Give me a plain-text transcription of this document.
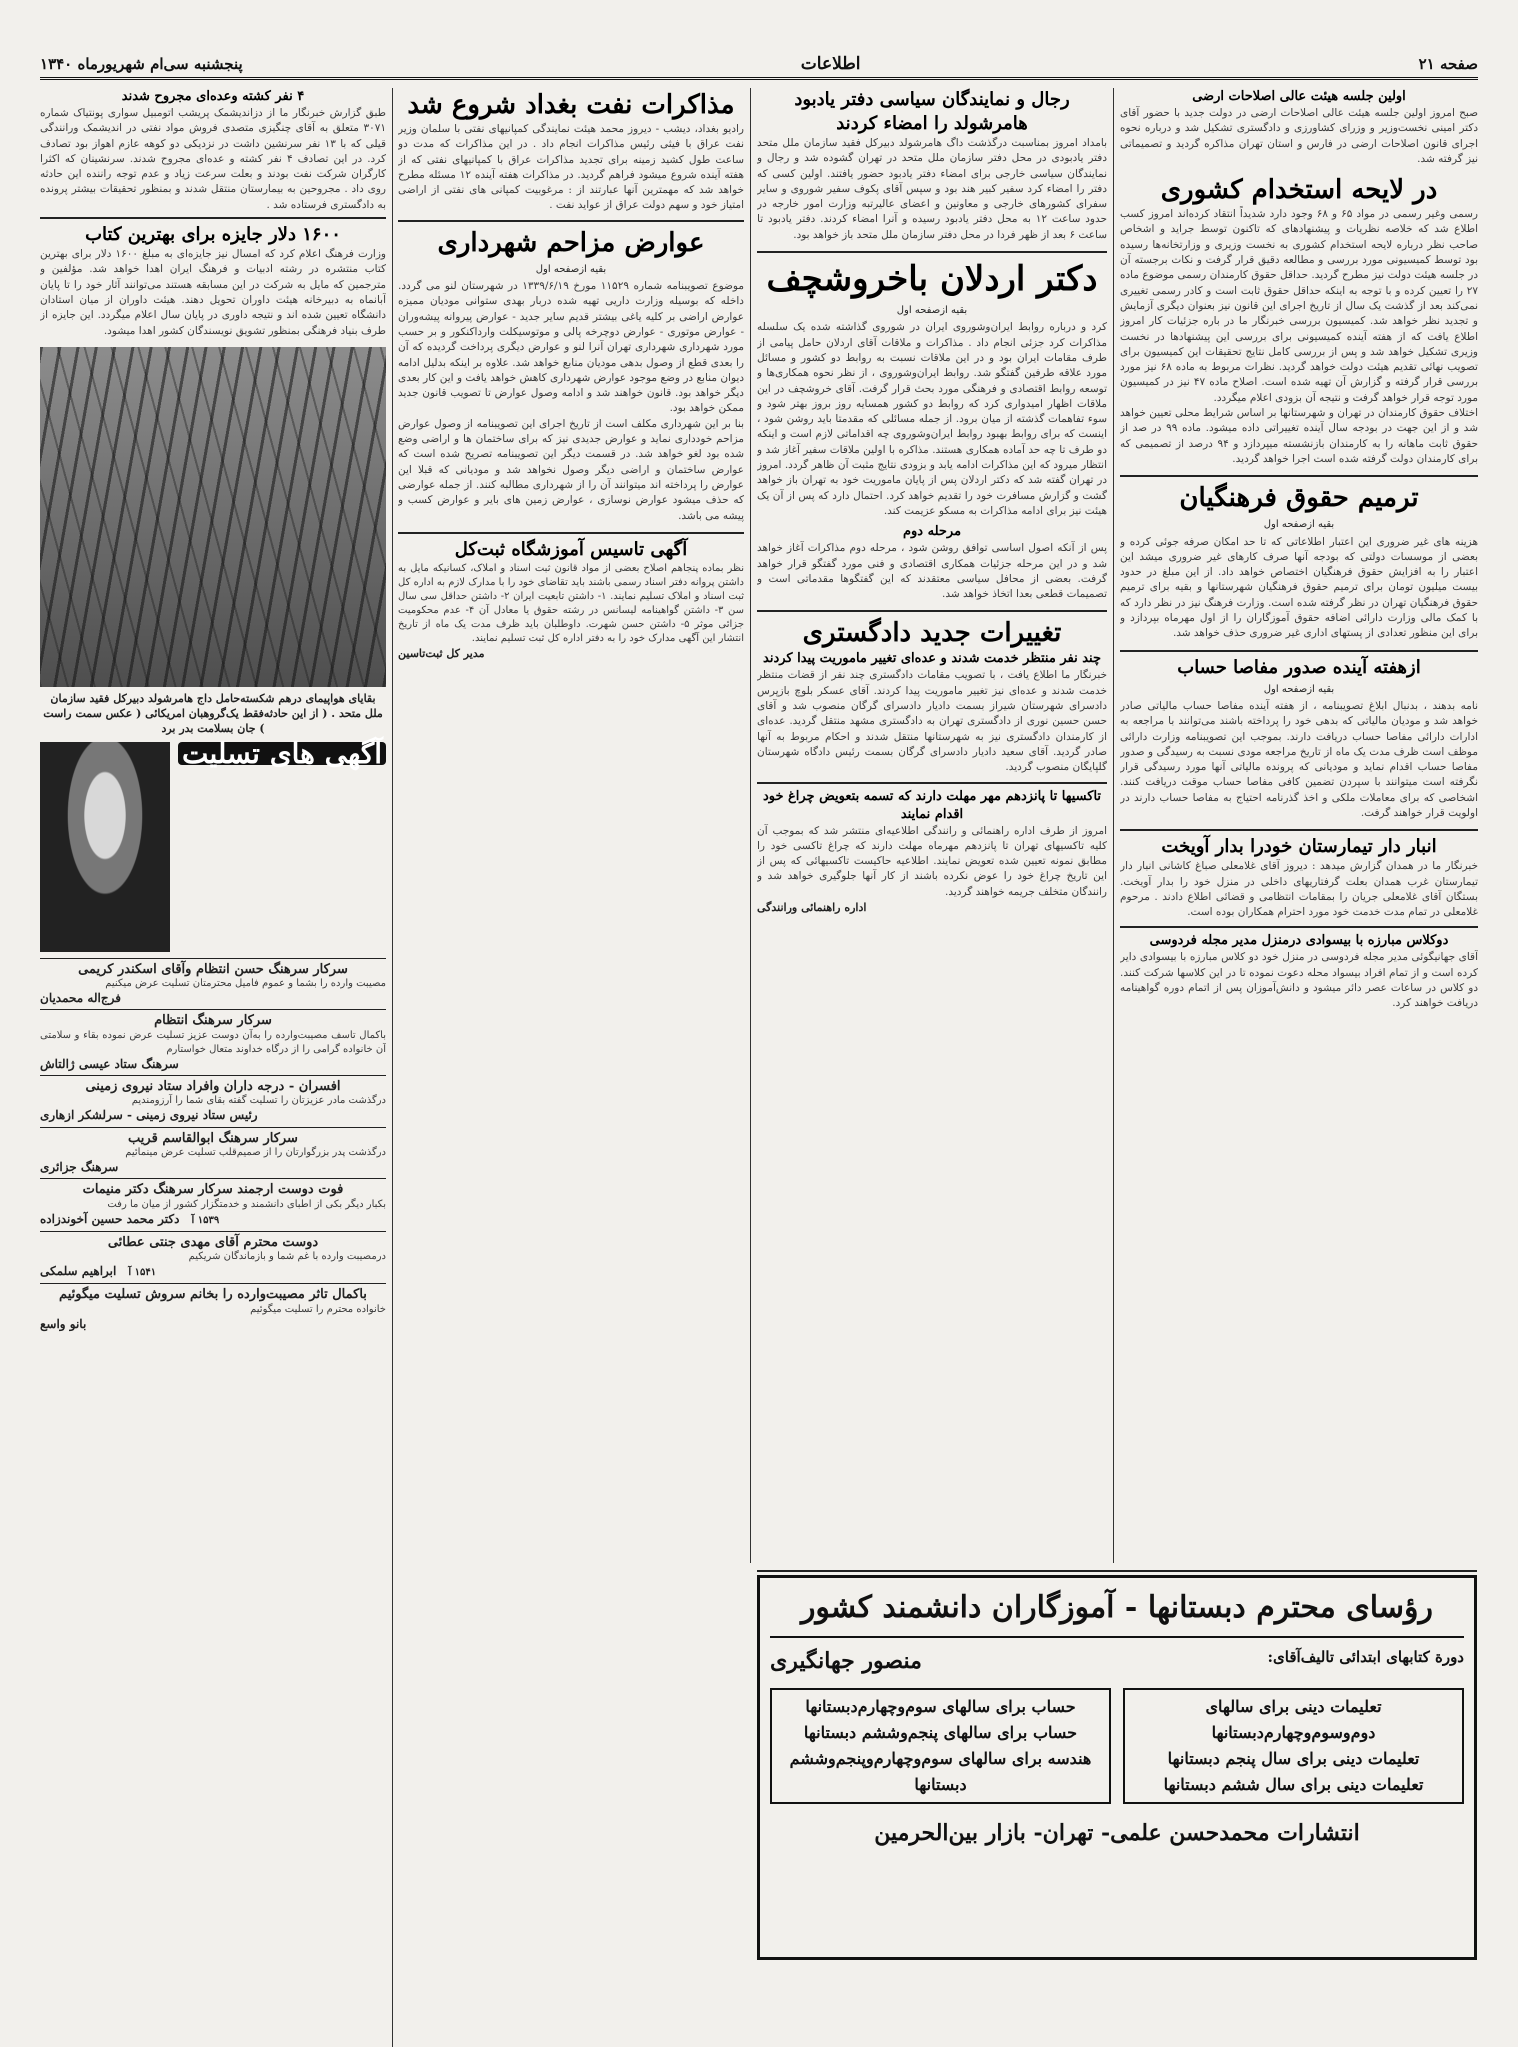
صفحه ۲۱
اطلاعات
پنجشنبه سی‌ام شهریورماه ۱۳۴۰
اولین جلسه هیئت عالی اصلاحات ارضی

صبح امروز اولین جلسه هیئت عالی اصلاحات ارضی در دولت جدید با حضور آقای دکتر امینی نخست‌وزیر و وزرای کشاورزی و دادگستری تشکیل شد و درباره نحوه اجرای قانون اصلاحات ارضی در فارس و استان تهران مذاکره گردید و تصمیماتی نیز گرفته شد.

در لایحه استخدام کشوری

رسمی وغیر رسمی در مواد ۶۵ و ۶۸ وجود دارد شدیداً انتقاد کرده‌اند امروز کسب اطلاع شد که خلاصه نظریات و پیشنهادهای که تاکنون توسط جراید و اشخاص صاحب نظر درباره لایحه استخدام کشوری به نخست وزیری و وزارتخانه‌ها رسیده بود توسط کمیسیونی مورد بررسی و مطالعه دقیق قرار گرفت و نکات برجسته آن در جلسه هیئت دولت نیز مطرح گردید. حداقل حقوق کارمندان رسمی موضوع ماده ۲۷ را تعیین کرده و با توجه به اینکه حداقل حقوق ثابت است و کادر رسمی تغییری نمی‌کند بعد از گذشت یک سال از تاریخ اجرای این قانون نیز بعنوان دیگری آزمایش و تجدید نظر خواهد شد. کمیسیون بررسی خبرنگار ما در باره جزئیات کار امروز اطلاع یافت که از هفته آینده کمیسیونی برای بررسی این پیشنهادها در نخست وزیری تشکیل خواهد شد و پس از بررسی کامل نتایج تحقیقات این کمیسیون برای تصویب نهائی تقدیم هیئت دولت خواهد گردید. نظرات مربوط به ماده ۶۸ نیز مورد بررسی قرار گرفته و گزارش آن تهیه شده است. اصلاح ماده ۴۷ نیز در کمیسیون مورد توجه قرار خواهد گرفت و نتیجه آن بزودی اعلام میگردد.

اختلاف حقوق کارمندان در تهران و شهرستانها بر اساس شرایط محلی تعیین خواهد شد و از این جهت در بودجه سال آینده تغییراتی داده میشود. ماده ۹۹ در صد از حقوق ثابت ماهانه را به کارمندان بازنشسته میپردازد و ۹۴ درصد از تصمیمی که برای کارمندان دولت گرفته شده است اجرا خواهد گردید.

ترمیم حقوق فرهنگیان
بقیه ازصفحه اول

هزینه های غیر ضروری این اعتبار اطلاعاتی که تا حد امکان صرفه جوئی کرده و بعضی از موسسات دولتی که بودجه آنها صرف کارهای غیر ضروری میشد این اعتبار را به افزایش حقوق فرهنگیان اختصاص خواهد داد. از این مبلغ در حدود بیست میلیون تومان برای ترمیم حقوق فرهنگیان شهرستانها و بقیه برای ترمیم حقوق فرهنگیان تهران در نظر گرفته شده است. وزارت فرهنگ نیز در نظر دارد که با کمک مالی وزارت دارائی اضافه حقوق آموزگاران را از اول مهرماه بپردازد و برای این منظور تعدادی از پستهای اداری غیر ضروری حذف خواهد شد.

ازهفته آینده صدور مفاصا حساب
بقیه ازصفحه اول

نامه بدهند ، بدنبال ابلاغ تصویبنامه ، از هفته آینده مفاصا حساب مالیاتی صادر خواهد شد و مودیان مالیاتی که بدهی خود را پرداخته باشند می‌توانند با مراجعه به ادارات دارائی مفاصا حساب دریافت دارند. بموجب این تصویبنامه وزارت دارائی موظف است ظرف مدت یک ماه از تاریخ مراجعه مودی نسبت به رسیدگی و صدور مفاصا حساب اقدام نماید و مودیانی که پرونده مالیاتی آنها مورد رسیدگی قرار نگرفته است میتوانند با سپردن تضمین کافی مفاصا حساب موقت دریافت کنند. اشخاصی که برای معاملات ملکی و اخذ گذرنامه احتیاج به مفاصا حساب دارند در اولویت قرار خواهند گرفت.

انبار دار تیمارستان خودرا بدار آویخت

خبرنگار ما در همدان گزارش میدهد : دیروز آقای غلامعلی‌ صباغ کاشانی انبار دار تیمارستان غرب همدان بعلت گرفتاریهای داخلی در منزل خود را بدار آویخت. بستگان آقای غلامعلی جریان را بمقامات انتظامی و قضائی اطلاع دادند . مرحوم غلامعلی در تمام مدت خدمت خود مورد احترام همکاران بوده است.

دوکلاس مبارزه با بیسوادی درمنزل مدیر مجله فردوسی

آقای جهانیگوئی مدیر مجله فردوسی در منزل خود دو کلاس مبارزه با بیسوادی دایر کرده است و از تمام افراد بیسواد محله دعوت نموده تا در این کلاسها شرکت کنند. دو کلاس در ساعات عصر دائر میشود و دانش‌آموزان پس از اتمام دوره گواهینامه دریافت خواهند کرد.

رجال و نمایندگان سیاسی دفتر یادبود هامرشولد را امضاء کردند

بامداد امروز بمناسبت درگذشت داگ هامرشولد دبیرکل فقید سازمان ملل متحد دفتر یادبودی در محل دفتر سازمان ملل متحد در تهران گشوده شد و رجال و نمایندگان سیاسی خارجی برای امضاء دفتر یادبود حضور یافتند. اولین کسی که دفتر را امضاء کرد سفیر کبیر هند بود و سپس آقای پکوف سفیر شوروی و سایر سفرای کشورهای خارجی و معاونین و اعضای عالیرتبه وزارت امور خارجه در حدود ساعت ۱۲ به محل دفتر یادبود رسیده و آنرا امضاء کردند. دفتر یادبود تا ساعت ۶ بعد از ظهر فردا در محل دفتر سازمان ملل متحد باز خواهد بود.

دکتر اردلان باخروشچف
بقیه ازصفحه اول

کرد و درباره روابط ایران‌وشوروی ایران در شوروی گذاشته شده یک سلسله مذاکرات کرد جزئی انجام داد . مذاکرات و ملاقات آقای اردلان حامل پیامی از طرف مقامات ایران بود و در این ملاقات نسبت به روابط دو کشور و مسائل مورد علاقه طرفین گفتگو شد. روابط ایران‌وشوروی ، از نظر نحوه همکاری‌ها و توسعه روابط اقتصادی و فرهنگی مورد بحث قرار گرفت. آقای خروشچف در این ملاقات اظهار امیدواری کرد که روابط دو کشور همسایه روز بروز بهتر شود و سوء تفاهمات گذشته از میان برود. از جمله مسائلی که مقدمتا باید روشن شود ، اینست که برای روابط بهبود روابط ایران‌وشوروی چه اقداماتی لازم است و اینکه دو طرف تا چه حد آماده همکاری هستند. مذاکره با اولین ملاقات سفیر آغاز شد و انتظار میرود که این مذاکرات ادامه یابد و بزودی نتایج مثبت آن ظاهر گردد. امروز در تهران گفته شد که دکتر اردلان پس از پایان ماموریت خود به تهران باز خواهد گشت و گزارش مسافرت خود را تقدیم خواهد کرد. احتمال دارد که پس از آن یک هیئت نیز برای ادامه مذاکرات به مسکو عزیمت کند.

مرحله دوم

پس از آنکه اصول اساسی توافق روشن شود ، مرحله دوم مذاکرات آغاز خواهد شد و در این مرحله جزئیات همکاری اقتصادی و فنی مورد گفتگو قرار خواهد گرفت. بعضی از محافل سیاسی معتقدند که این گفتگوها مقدماتی است و تصمیمات قطعی بعدا اتخاذ خواهد شد.

تغییرات جدید دادگستری
چند نفر منتظر خدمت شدند و عده‌ای تغییر ماموریت پیدا کردند

خبرنگار ما اطلاع یافت ، با تصویب مقامات دادگستری چند نفر از قضات منتظر خدمت شدند و عده‌ای نیز تغییر ماموریت پیدا کردند. آقای عسکر بلوچ بازپرس دادسرای شهرستان شیراز بسمت دادیار دادسرای گرگان منصوب شد و آقای حسن حسین نوری از دادگستری تهران به دادگستری مشهد منتقل گردید. عده‌ای از کارمندان دادگستری نیز به شهرستانها منتقل شدند و احکام مربوط به آنها صادر گردید. آقای سعید دادیار دادسرای گرگان بسمت رئیس دادگاه شهرستان گلپایگان منصوب گردید.

تاکسیها تا پانزدهم مهر مهلت دارند که تسمه بتعویض چراغ خود اقدام نمایند

امروز از طرف اداره راهنمائی و رانندگی اطلاعیه‌ای منتشر شد که بموجب آن کلیه تاکسیهای تهران تا پانزدهم مهرماه مهلت دارند که چراغ تاکسی خود را مطابق نمونه تعیین شده تعویض نمایند. اطلاعیه حاکیست تاکسیهائی که پس از این تاریخ چراغ خود را عوض نکرده باشند از کار آنها جلوگیری خواهد شد و رانندگان متخلف جریمه خواهند گردید.

اداره راهنمائی ورانندگی
مذاکرات نفت بغداد شروع شد

رادیو بغداد، دیشب - دیروز محمد هیئت نمایندگی کمپانیهای نفتی با سلمان وزیر نفت عراق با فیثی رئیس مذاکرات انجام داد . در این مذاکرات که مدت دو ساعت طول کشید زمینه برای تجدید مذاکرات عراق با کمپانیهای نفتی که از هفته آینده شروع میشود فراهم گردید. در مذاکرات هفته آینده ۱۲ مسئله مطرح خواهد شد که مهمترین آنها عبارتند از : مرغوبیت کمپانی های نفتی از اراضی امتیاز خود و سهم دولت عراق از عواید نفت .

عوارض مزاحم شهرداری
بقیه ازصفحه اول

موضوع تصویبنامه شماره ۱۱۵۲۹ مورخ ۱۳۳۹/۶/۱۹ در شهرستان لنو می گردد. داخله که بوسیله وزارت داریی تهیه شده دربار بهدی ستوانی مودیان ممیزه عوارض اراضی بر کلیه یاغی بیشتر قدیم سایر جدید - عوارض پیروانه پیشه‌وران - عوارض موتوری - عوارض دوچرخه پالی و موتوسیکلت وارداکنکور و بر حسب مورد شهرداری شهرداری تهران آنرا لنو و عوارض دیگری پرداخت گردیده که آن را بعدی قطع از وصول بدهی مودیان منابع خواهد شد. علاوه بر اینکه بدلیل ادامه دیوان منابع در وضع موجود عوارض شهرداری کاهش خواهد یافت و این کار بعدی دیگر خواهد بود. قانون خواهند شد و ادامه وصول عوارض تا تصویب قانون جدید ممکن خواهد بود.

بنا بر این شهرداری مکلف است از تاریخ اجرای این تصویبنامه از وصول عوارض مزاحم خودداری نماید و عوارض جدیدی نیز که برای ساختمان ها و اراضی وضع شده بود لغو خواهد شد. در قسمت دیگر این تصویبنامه تصریح شده است که عوارض ساختمان و اراضی دیگر وصول نخواهد شد و مودیانی که قبلا این عوارض را پرداخته اند میتوانند آن را از شهرداری مطالبه کنند. از جمله عوارضی که حذف میشود عوارض نوسازی ، عوارض زمین های بایر و عوارض کسب و پیشه می باشد.

آگهی تاسیس آموزشگاه ثبت‌کل

نظر بماده پنجاهم اصلاح بعضی از مواد قانون ثبت اسناد و املاک، کسانیکه مایل به داشتن پروانه دفتر اسناد رسمی باشند باید تقاضای خود را با مدارک لازم به اداره کل ثبت اسناد و املاک تسلیم نمایند. ۱- داشتن تابعیت ایران ۲- داشتن حداقل سی سال سن ۳- داشتن گواهینامه لیسانس در رشته حقوق یا معادل آن ۴- عدم محکومیت جزائی موثر ۵- داشتن حسن شهرت. داوطلبان باید ظرف مدت یک ماه از تاریخ انتشار این آگهی مدارک خود را به دفتر اداره کل ثبت تسلیم نمایند.

مدیر کل ثبت‌تاسین
۴ نفر کشته وعده‌ای مجروح شدند

طبق گزارش خبرنگار ما از دزاندیشمک پریشب اتومبیل سواری پونتیاک شماره ۳۰۷۱ متعلق به آقای چنگیزی متصدی فروش مواد نفتی در اندیشمک ورانندگی قیلی که با ۱۳ نفر سرنشین داشت در نزدیکی دو کوهه عازم اهواز بود تصادف کرد. در این تصادف ۴ نفر کشته و عده‌ای مجروح شدند. سرنشینان که اکثرا کارگران شرکت نفت بودند و بعلت سرعت زیاد و عدم توجه راننده این حادثه روی داد . مجروحین به بیمارستان منتقل شدند و بمنظور تحقیقات بیشتر پرونده به دادگستری فرستاده شد .

۱۶۰۰ دلار جایزه برای بهترین کتاب

وزارت فرهنگ اعلام کرد که امسال نیز جایزه‌ای به مبلغ ۱۶۰۰ دلار برای بهترین کتاب منتشره در رشته ادبیات و فرهنگ ایران اهدا خواهد شد. مؤلفین و مترجمین که مایل به شرکت در این مسابقه هستند می‌توانند آثار خود را تا پایان آبانماه به دبیرخانه هیئت داوران تحویل دهند. هیئت داوران از میان استادان دانشگاه تعیین شده اند و نتیجه داوری در پایان سال اعلام میگردد. این جایزه از طرف بنیاد فرهنگی بمنظور تشویق نویسندگان کشور اهدا میشود.

بقایای هواپیمای درهم شکسته‌حامل داج هامرشولد دبیرکل فقید سازمان ملل متحد . ( از این حادثه‌فقط یک‌گروهبان امریکائی ( عکس سمت راست ) جان بسلامت بدر برد
آگهی های تسلیت
سرکار سرهنگ حسن انتظام وآقای اسکندر کریمی
مصیبت وارده را بشما و عموم فامیل محترمتان تسلیت عرض میکنیم
فرج‌اله محمدیان
سرکار سرهنگ انتظام
باکمال تاسف مصیبت‌وارده را به‌آن دوست عزیز تسلیت عرض نموده بقاء و سلامتی آن خانواده گرامی را از درگاه خداوند متعال خواستارم
سرهنگ ستاد عیسی ژالتاش
افسران - درجه داران وافراد ستاد نیروی زمینی
درگذشت مادر عزیزتان را تسلیت گفته بقای شما را آرزومندیم
رئیس ستاد نیروی زمینی - سرلشکر ازهاری
سرکار سرهنگ ابوالقاسم قریب
درگذشت پدر بزرگوارتان را از صمیم‌قلب تسلیت عرض مینمائیم
سرهنگ جزائری
فوت دوست ارجمند سرکار سرهنگ دکتر منیمات
بکبار دیگر بکی از اطبای دانشمند و خدمتگزار کشور از میان ما رفت
۱۵۳۹ آدکتر محمد حسین آخوندزاده
دوست محترم آقای مهدی جنتی عطائی
درمصیبت وارده با غم شما و بازماندگان شریکیم
۱۵۴۱ آابراهیم سلمکی
باکمال تاثر مصیبت‌وارده را بخانم سروش تسلیت میگوئیم
خانواده محترم را تسلیت میگوئیم
بانو واسع
رؤسای محترم دبستانها - آموزگاران دانشمند کشور
دورة کتابهای ابتدائی تالیف‌آقای:
منصور جهانگیری
تعلیمات دینی برای سالهای دوم‌وسوم‌وچهارم‌دبستانها
تعلیمات دینی برای سال پنجم دبستانها
تعلیمات دینی برای سال ششم دبستانها
حساب برای سالهای سوم‌وچهارم‌دبستانها
حساب برای سالهای پنجم‌وششم دبستانها
هندسه برای سالهای سوم‌وچهارم‌وپنجم‌وششم دبستانها
انتشارات محمدحسن علمی- تهران- بازار بین‌الحرمین
